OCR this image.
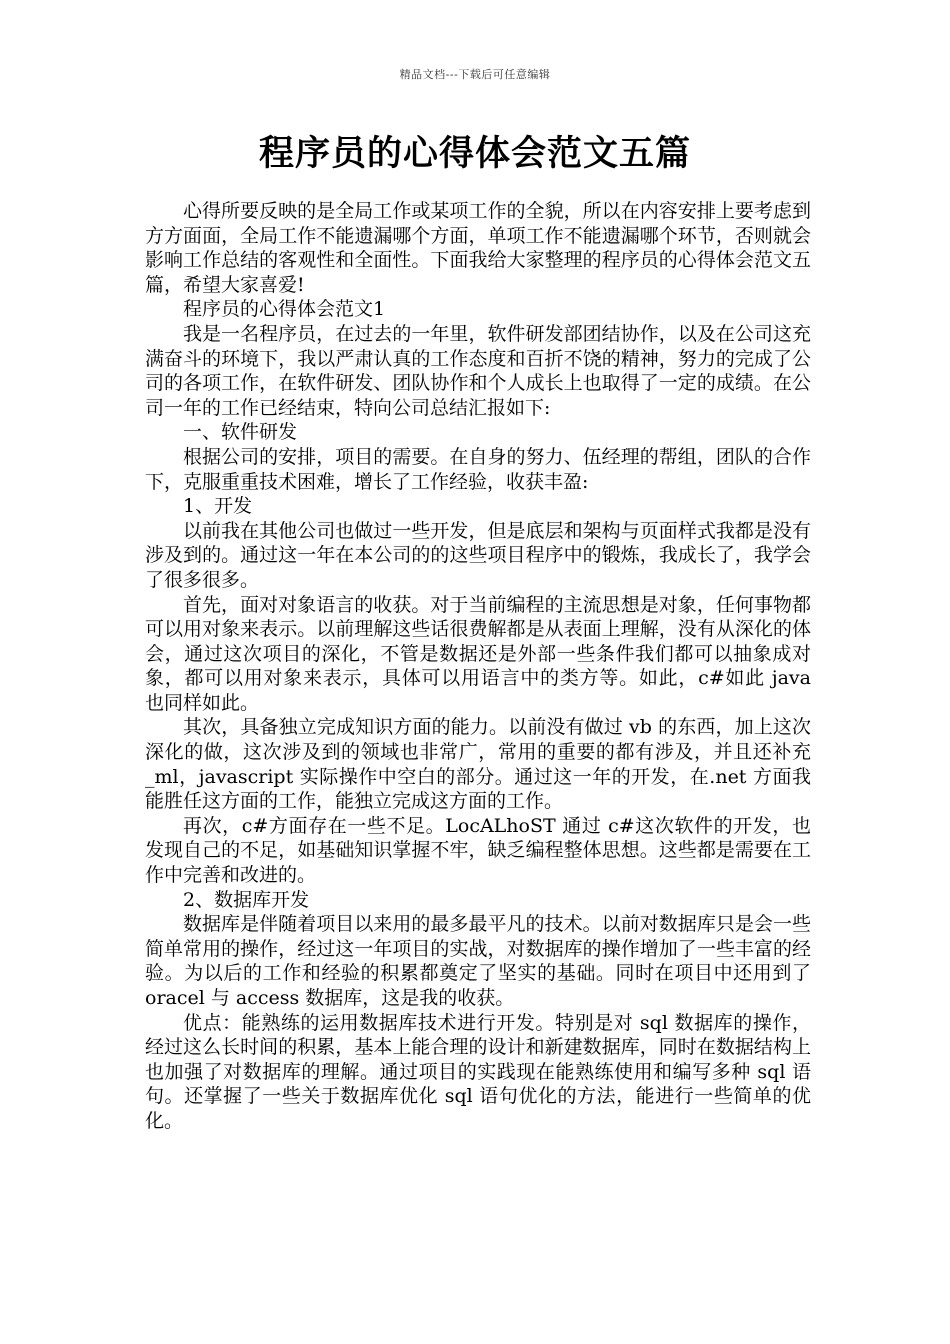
精品文档---下载后可任意编辑
程序员的心得体会范文五篇

心得所要反映的是全局工作或某项工作的全貌，所以在内容安排上要考虑到方方面面，全局工作不能遗漏哪个方面，单项工作不能遗漏哪个环节，否则就会影响工作总结的客观性和全面性。下面我给大家整理的程序员的心得体会范文五篇，希望大家喜爱!

程序员的心得体会范文1

我是一名程序员，在过去的一年里，软件研发部团结协作，以及在公司这充满奋斗的环境下，我以严肃认真的工作态度和百折不饶的精神，努力的完成了公司的各项工作，在软件研发、团队协作和个人成长上也取得了一定的成绩。在公司一年的工作已经结束，特向公司总结汇报如下:

一、软件研发

根据公司的安排，项目的需要。在自身的努力、伍经理的帮组，团队的合作下，克服重重技术困难，增长了工作经验，收获丰盈:

1、开发

以前我在其他公司也做过一些开发，但是底层和架构与页面样式我都是没有涉及到的。通过这一年在本公司的的这些项目程序中的锻炼，我成长了，我学会了很多很多。

首先，面对对象语言的收获。对于当前编程的主流思想是对象，任何事物都可以用对象来表示。以前理解这些话很费解都是从表面上理解，没有从深化的体会，通过这次项目的深化，不管是数据还是外部一些条件我们都可以抽象成对象，都可以用对象来表示，具体可以用语言中的类方等。如此，c#如此 java 也同样如此。

其次，具备独立完成知识方面的能力。以前没有做过 vb 的东西，加上这次深化的做，这次涉及到的领域也非常广，常用的重要的都有涉及，并且还补充_ml，javascript 实际操作中空白的部分。通过这一年的开发，在.net 方面我能胜任这方面的工作，能独立完成这方面的工作。

再次，c#方面存在一些不足。LocALhoST 通过 c#这次软件的开发，也发现自己的不足，如基础知识掌握不牢，缺乏编程整体思想。这些都是需要在工作中完善和改进的。

2、数据库开发

数据库是伴随着项目以来用的最多最平凡的技术。以前对数据库只是会一些简单常用的操作，经过这一年项目的实战，对数据库的操作增加了一些丰富的经验。为以后的工作和经验的积累都奠定了坚实的基础。同时在项目中还用到了 oracel 与 access 数据库，这是我的收获。

优点：能熟练的运用数据库技术进行开发。特别是对 sql 数据库的操作，经过这么长时间的积累，基本上能合理的设计和新建数据库，同时在数据结构上也加强了对数据库的理解。通过项目的实践现在能熟练使用和编写多种 sql 语句。还掌握了一些关于数据库优化 sql 语句优化的方法，能进行一些简单的优化。
